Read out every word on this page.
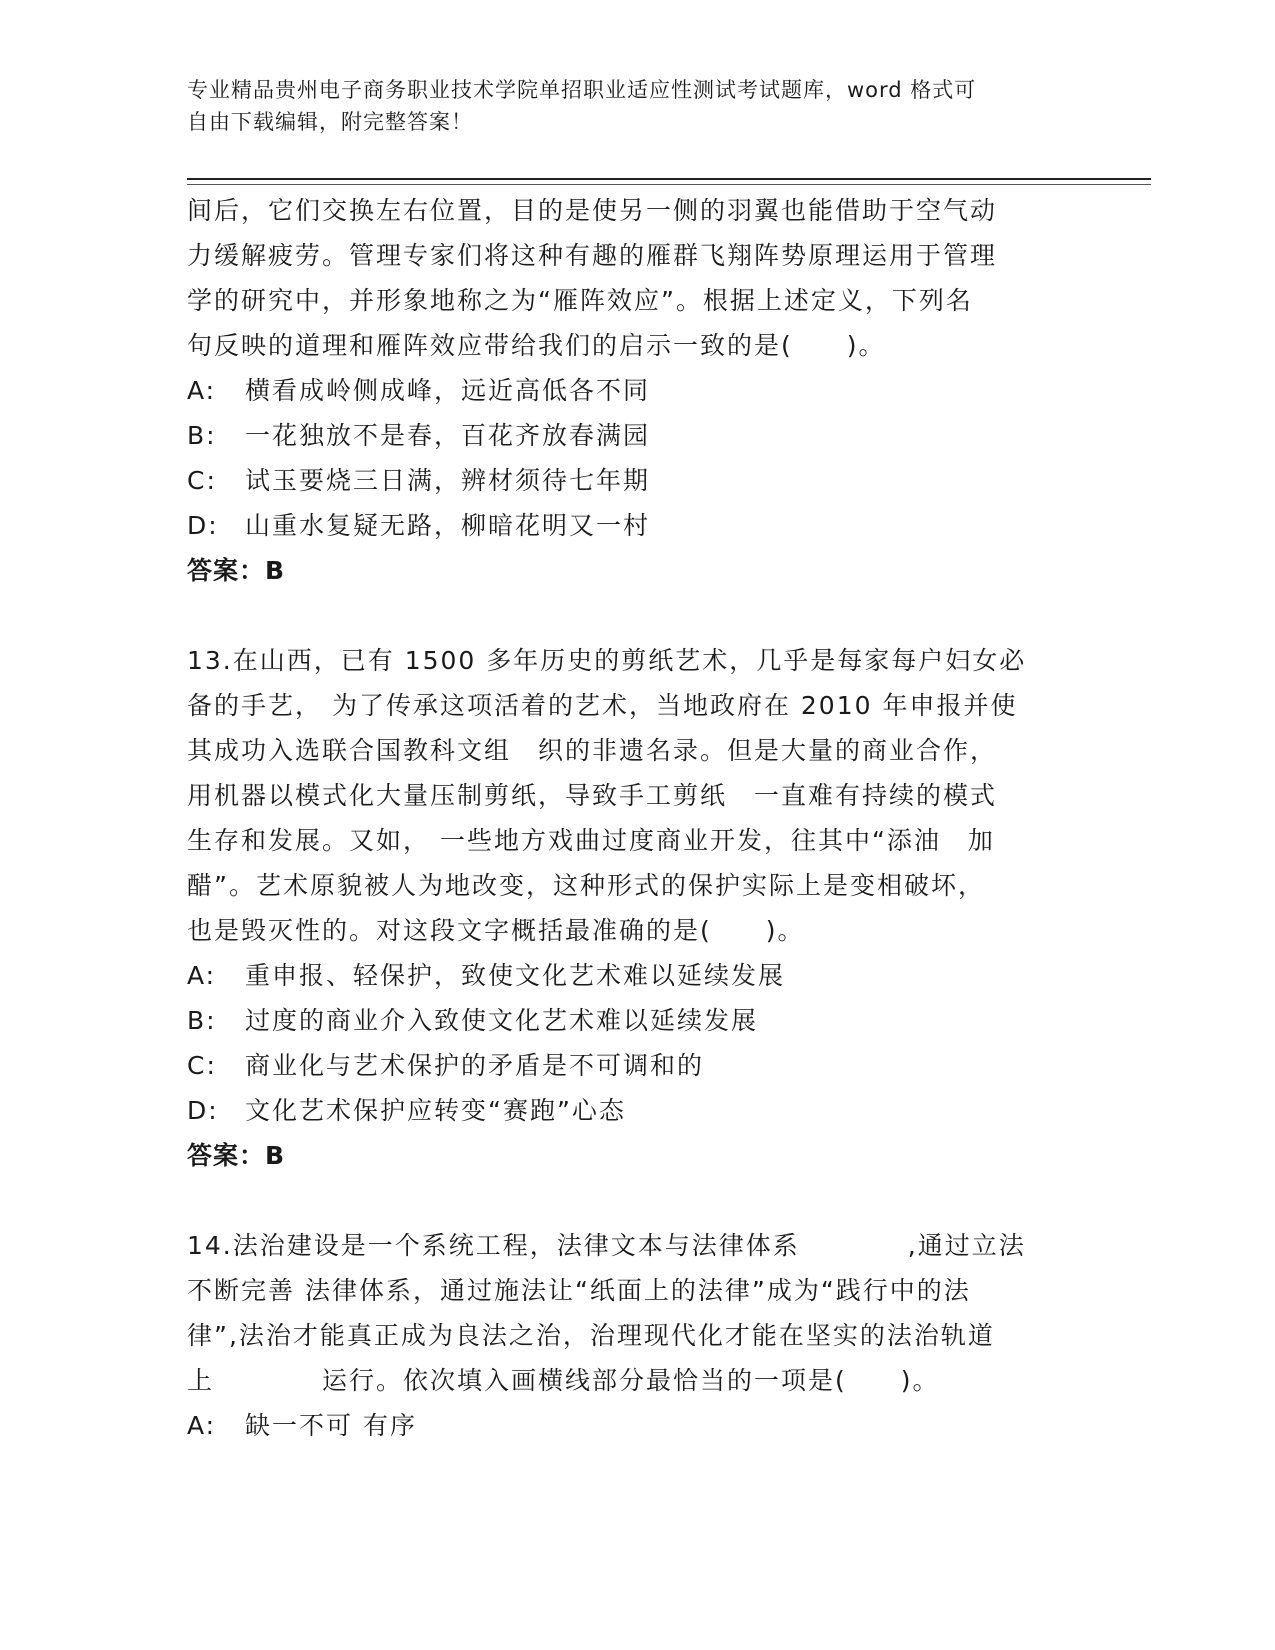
专业精品贵州电子商务职业技术学院单招职业适应性测试考试题库，word 格式可
自由下载编辑，附完整答案！
间后，它们交换左右位置，目的是使另一侧的羽翼也能借助于空气动
力缓解疲劳。管理专家们将这种有趣的雁群飞翔阵势原理运用于管理
学的研究中，并形象地称之为“雁阵效应”。根据上述定义，下列名
句反映的道理和雁阵效应带给我们的启示一致的是(　　)。
A:	横看成岭侧成峰，远近高低各不同
B:	一花独放不是春，百花齐放春满园
C:	试玉要烧三日满，辨材须待七年期
D:	山重水复疑无路，柳暗花明又一村
答案：B
13.在山西，已有 1500 多年历史的剪纸艺术，几乎是每家每户妇女必
备的手艺， 为了传承这项活着的艺术，当地政府在 2010 年申报并使
其成功入选联合国教科文组　织的非遗名录。但是大量的商业合作，
用机器以模式化大量压制剪纸，导致手工剪纸　一直难有持续的模式
生存和发展。又如， 一些地方戏曲过度商业开发，往其中“添油　加
醋”。艺术原貌被人为地改变，这种形式的保护实际上是变相破坏，
也是毁灭性的。对这段文字概括最准确的是(　　)。
A:	重申报、轻保护，致使文化艺术难以延续发展
B:	过度的商业介入致使文化艺术难以延续发展
C:	商业化与艺术保护的矛盾是不可调和的
D:	文化艺术保护应转变“赛跑”心态
答案：B
14.法治建设是一个系统工程，法律文本与法律体系　　　　,通过立法
不断完善 法律体系，通过施法让“纸面上的法律”成为“践行中的法
律”,法治才能真正成为良法之治，治理现代化才能在坚实的法治轨道
上　　　　运行。依次填入画横线部分最恰当的一项是(　　)。
A:	缺一不可 有序
